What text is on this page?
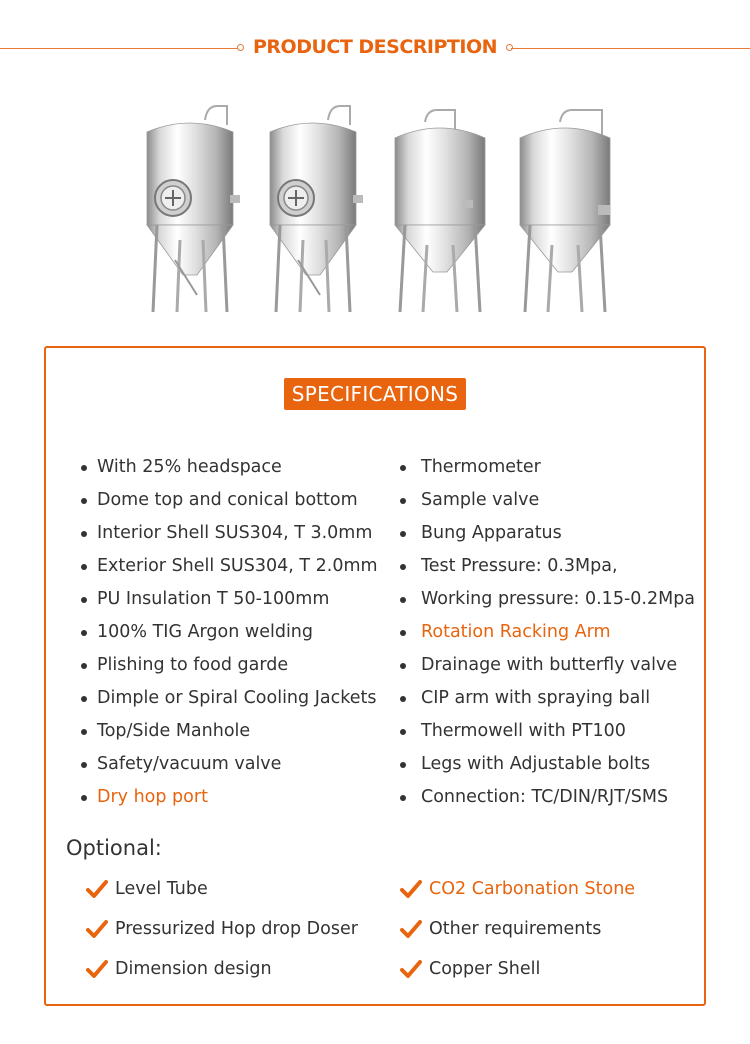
PRODUCT DESCRIPTION
SPECIFICATIONS
With 25% headspace
Dome top and conical bottom
Interior Shell SUS304, T 3.0mm
Exterior Shell SUS304, T 2.0mm
PU Insulation T 50-100mm
100% TIG Argon welding
Plishing to food garde
Dimple or Spiral Cooling Jackets
Top/Side Manhole
Safety/vacuum valve
Dry hop port
Thermometer
Sample valve
Bung Apparatus
Test Pressure: 0.3Mpa,
Working pressure: 0.15-0.2Mpa
Rotation Racking Arm
Drainage with butterfly valve
CIP arm with spraying ball
Thermowell with PT100
Legs with Adjustable bolts
Connection: TC/DIN/RJT/SMS
Optional:
Level Tube
Pressurized Hop drop Doser
Dimension design
CO2 Carbonation Stone
Other requirements
Copper Shell
